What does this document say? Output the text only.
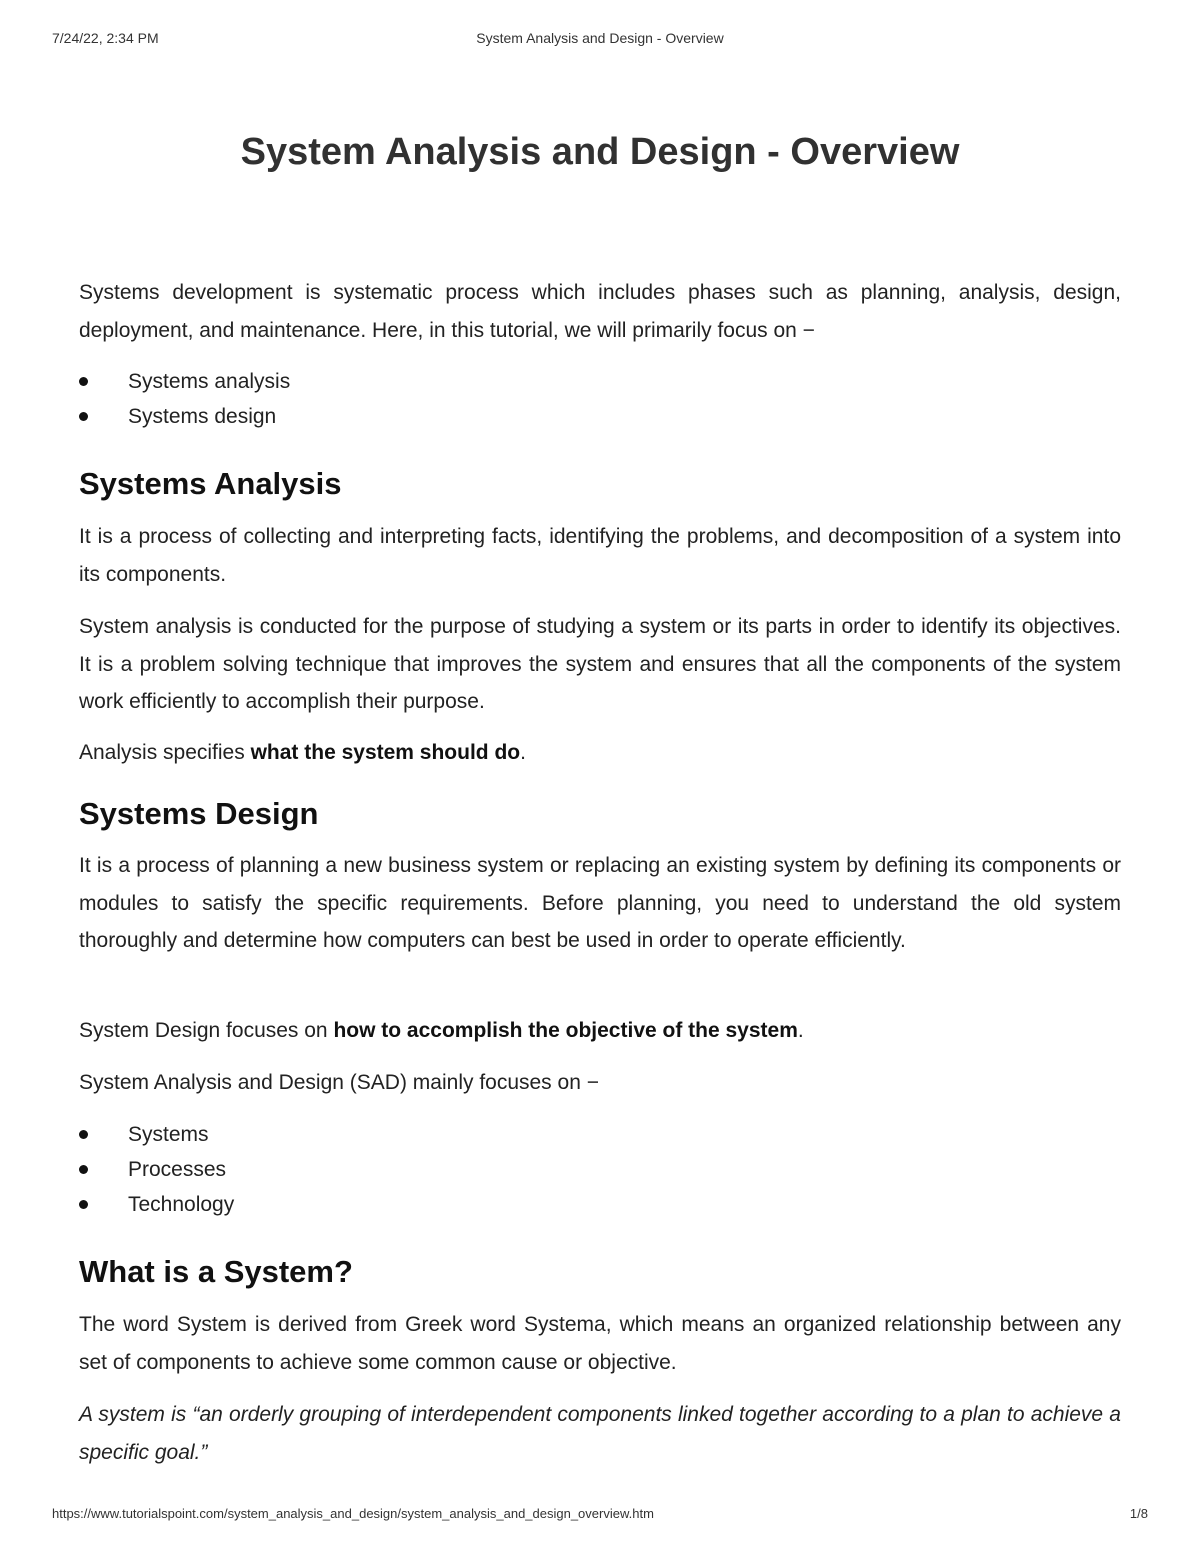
7/24/22, 2:34 PM	System Analysis and Design - Overview
System Analysis and Design - Overview

Systems development is systematic process which includes phases such as planning, analysis, design, deployment, and maintenance. Here, in this tutorial, we will primarily focus on −

Systems analysis
Systems design
Systems Analysis

It is a process of collecting and interpreting facts, identifying the problems, and decomposition of a system into its components.

System analysis is conducted for the purpose of studying a system or its parts in order to identify its objectives. It is a problem solving technique that improves the system and ensures that all the components of the system work efficiently to accomplish their purpose.

Analysis specifies what the system should do.

Systems Design

It is a process of planning a new business system or replacing an existing system by defining its components or modules to satisfy the specific requirements. Before planning, you need to understand the old system thoroughly and determine how computers can best be used in order to operate efficiently.

System Design focuses on how to accomplish the objective of the system.

System Analysis and Design (SAD) mainly focuses on −

Systems
Processes
Technology
What is a System?

The word System is derived from Greek word Systema, which means an organized relationship between any set of components to achieve some common cause or objective.

A system is “an orderly grouping of interdependent components linked together according to a plan to achieve a specific goal.”

https://www.tutorialspoint.com/system_analysis_and_design/system_analysis_and_design_overview.htm	1/8
